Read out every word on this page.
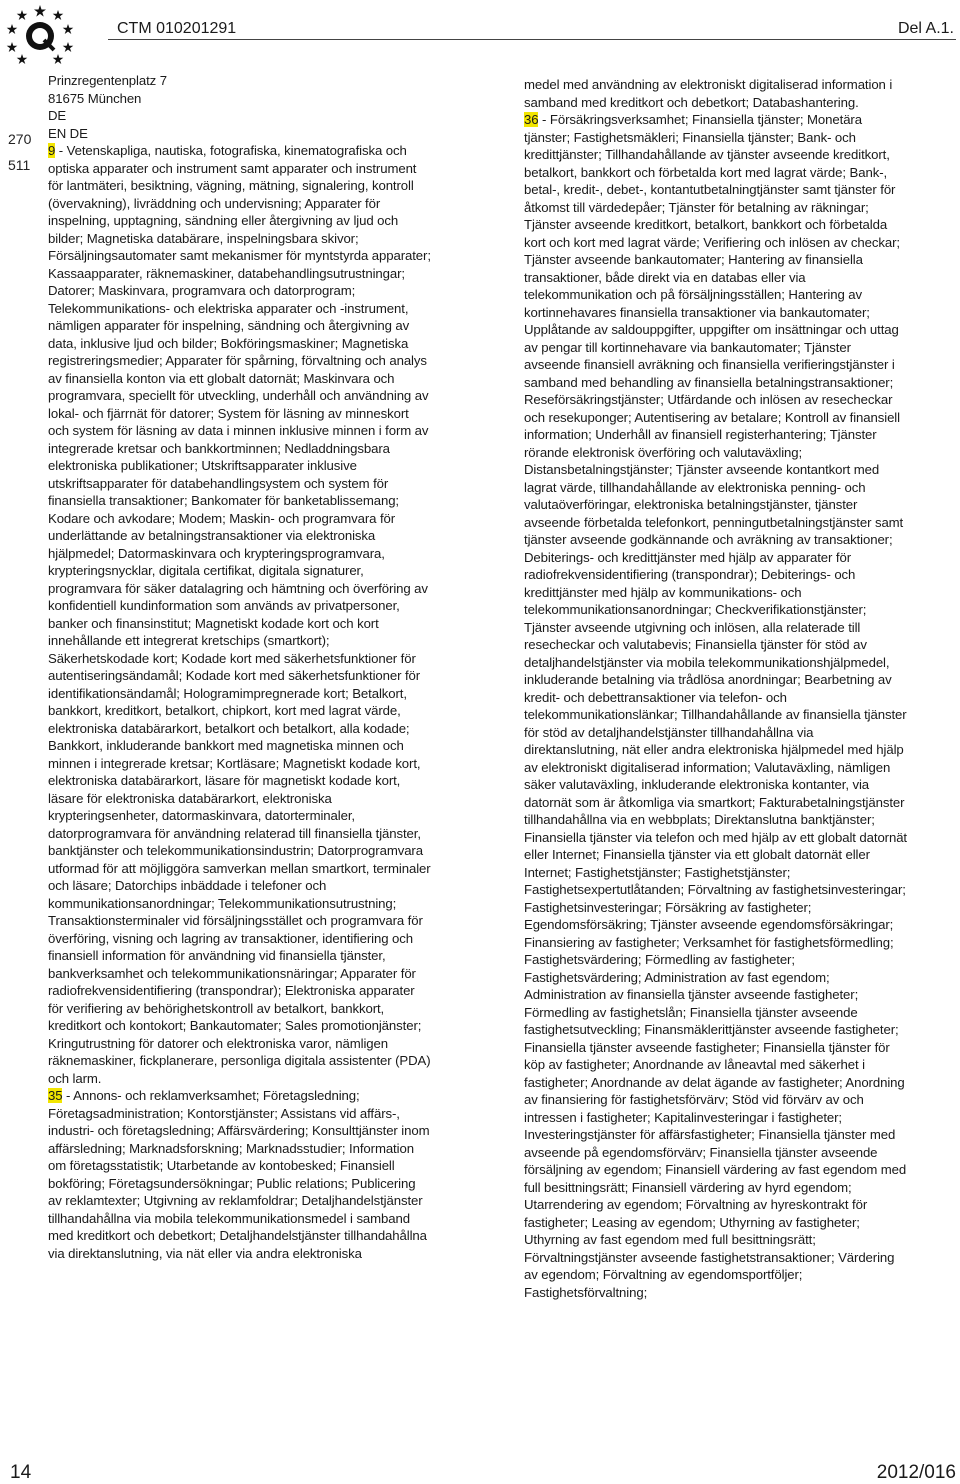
CTM 010201291	Del A.1.
270
511

Prinzregentenplatz 7

81675 München

DE

EN DE

9 - Vetenskapliga, nautiska, fotografiska, kinematografiska och optiska apparater och instrument samt apparater och instrument för lantmäteri, besiktning, vägning, mätning, signalering, kontroll (övervakning), livräddning och undervisning; Apparater för inspelning, upptagning, sändning eller återgivning av ljud och bilder; Magnetiska databärare, inspelningsbara skivor; Försäljningsautomater samt mekanismer för myntstyrda apparater; Kassaapparater, räknemaskiner, databehandlingsutrustningar; Datorer; Maskinvara, programvara och datorprogram; Telekommunikations- och elektriska apparater och -instrument, nämligen apparater för inspelning, sändning och återgivning av data, inklusive ljud och bilder; Bokföringsmaskiner; Magnetiska registreringsmedier; Apparater för spårning, förvaltning och analys av finansiella konton via ett globalt datornät; Maskinvara och programvara, speciellt för utveckling, underhåll och användning av lokal- och fjärrnät för datorer; System för läsning av minneskort och system för läsning av data i minnen inklusive minnen i form av integrerade kretsar och bankkortminnen; Nedladdningsbara elektroniska publikationer; Utskriftsapparater inklusive utskriftsapparater för databehandlingsystem och system för finansiella transaktioner; Bankomater för banketablissemang; Kodare och avkodare; Modem; Maskin- och programvara för underlättande av betalningstransaktioner via elektroniska hjälpmedel; Datormaskinvara och krypteringsprogramvara, krypteringsnycklar, digitala certifikat, digitala signaturer, programvara för säker datalagring och hämtning och överföring av konfidentiell kundinformation som används av privatpersoner, banker och finansinstitut; Magnetiskt kodade kort och kort innehållande ett integrerat kretschips (smartkort); Säkerhetskodade kort; Kodade kort med säkerhetsfunktioner för autentiseringsändamål; Kodade kort med säkerhetsfunktioner för identifikationsändamål; Hologramimpregnerade kort; Betalkort, bankkort, kreditkort, betalkort, chipkort, kort med lagrat värde, elektroniska databärarkort, betalkort och betalkort, alla kodade; Bankkort, inkluderande bankkort med magnetiska minnen och minnen i integrerade kretsar; Kortläsare; Magnetiskt kodade kort, elektroniska databärarkort, läsare för magnetiskt kodade kort, läsare för elektroniska databärarkort, elektroniska krypteringsenheter, datormaskinvara, datorterminaler, datorprogramvara för användning relaterad till finansiella tjänster, banktjänster och telekommunikationsindustrin; Datorprogramvara utformad för att möjliggöra samverkan mellan smartkort, terminaler och läsare; Datorchips inbäddade i telefoner och kommunikationsanordningar; Telekommunikationsutrustning; Transaktionsterminaler vid försäljningsstället och programvara för överföring, visning och lagring av transaktioner, identifiering och finansiell information för användning vid finansiella tjänster, bankverksamhet och telekommunikationsnäringar; Apparater för radiofrekvensidentifiering (transpondrar); Elektroniska apparater för verifiering av behörighetskontroll av betalkort, bankkort, kreditkort och kontokort; Bankautomater; Sales promotionjänster; Kringutrustning för datorer och elektroniska varor, nämligen räknemaskiner, fickplanerare, personliga digitala assistenter (PDA) och larm.

35 - Annons- och reklamverksamhet; Företagsledning; Företagsadministration; Kontorstjänster; Assistans vid affärs-, industri- och företagsledning; Affärsvärdering; Konsulttjänster inom affärsledning; Marknadsforskning; Marknadsstudier; Information om företagsstatistik; Utarbetande av kontobesked; Finansiell bokföring; Företagsundersökningar; Public relations; Publicering av reklamtexter; Utgivning av reklamfoldrar; Detaljhandelstjänster tillhandahållna via mobila telekommunikationsmedel i samband med kreditkort och debetkort; Detaljhandelstjänster tillhandahållna via direktanslutning, via nät eller via andra elektroniska

medel med användning av elektroniskt digitaliserad information i samband med kreditkort och debetkort; Databashantering.

36 - Försäkringsverksamhet; Finansiella tjänster; Monetära tjänster; Fastighetsmäkleri; Finansiella tjänster; Bank- och kredittjänster; Tillhandahållande av tjänster avseende kreditkort, betalkort, bankkort och förbetalda kort med lagrat värde; Bank-, betal-, kredit-, debet-, kontantutbetalningtjänster samt tjänster för åtkomst till värdedepåer; Tjänster för betalning av räkningar; Tjänster avseende kreditkort, betalkort, bankkort och förbetalda kort och kort med lagrat värde; Verifiering och inlösen av checkar; Tjänster avseende bankautomater; Hantering av finansiella transaktioner, både direkt via en databas eller via telekommunikation och på försäljningsställen; Hantering av kortinnehavares finansiella transaktioner via bankautomater; Upplåtande av saldouppgifter, uppgifter om insättningar och uttag av pengar till kortinnehavare via bankautomater; Tjänster avseende finansiell avräkning och finansiella verifieringstjänster i samband med behandling av finansiella betalningstransaktioner; Reseförsäkringstjänster; Utfärdande och inlösen av resecheckar och resekuponger; Autentisering av betalare; Kontroll av finansiell information; Underhåll av finansiell registerhantering; Tjänster rörande elektronisk överföring och valutaväxling; Distansbetalningstjänster; Tjänster avseende kontantkort med lagrat värde, tillhandahållande av elektroniska penning- och valutaöverföringar, elektroniska betalningstjänster, tjänster avseende förbetalda telefonkort, penningutbetalningstjänster samt tjänster avseende godkännande och avräkning av transaktioner; Debiterings- och kredittjänster med hjälp av apparater för radiofrekvensidentifiering (transpondrar); Debiterings- och kredittjänster med hjälp av kommunikations- och telekommunikationsanordningar; Checkverifikationstjänster; Tjänster avseende utgivning och inlösen, alla relaterade till resecheckar och valutabevis; Finansiella tjänster för stöd av detaljhandelstjänster via mobila telekommunikationshjälpmedel, inkluderande betalning via trådlösa anordningar; Bearbetning av kredit- och debettransaktioner via telefon- och telekommunikationslänkar; Tillhandahållande av finansiella tjänster för stöd av detaljhandelstjänster tillhandahållna via direktanslutning, nät eller andra elektroniska hjälpmedel med hjälp av elektroniskt digitaliserad information; Valutaväxling, nämligen säker valutaväxling, inkluderande elektroniska kontanter, via datornät som är åtkomliga via smartkort; Fakturabetalningstjänster tillhandahållna via en webbplats; Direktanslutna banktjänster; Finansiella tjänster via telefon och med hjälp av ett globalt datornät eller Internet; Finansiella tjänster via ett globalt datornät eller Internet; Fastighetstjänster; Fastighetstjänster; Fastighetsexpertutlåtanden; Förvaltning av fastighetsinvesteringar; Fastighetsinvesteringar; Försäkring av fastigheter; Egendomsförsäkring; Tjänster avseende egendomsförsäkringar; Finansiering av fastigheter; Verksamhet för fastighetsförmedling; Fastighetsvärdering; Förmedling av fastigheter; Fastighetsvärdering; Administration av fast egendom; Administration av finansiella tjänster avseende fastigheter; Förmedling av fastighetslån; Finansiella tjänster avseende fastighetsutveckling; Finansmäklerittjänster avseende fastigheter; Finansiella tjänster avseende fastigheter; Finansiella tjänster för köp av fastigheter; Anordnande av låneavtal med säkerhet i fastigheter; Anordnande av delat ägande av fastigheter; Anordning av finansiering för fastighetsförvärv; Stöd vid förvärv av och intressen i fastigheter; Kapitalinvesteringar i fastigheter; Investeringstjänster för affärsfastigheter; Finansiella tjänster med avseende på egendomsförvärv; Finansiella tjänster avseende försäljning av egendom; Finansiell värdering av fast egendom med full besittningsrätt; Finansiell värdering av hyrd egendom; Utarrendering av egendom; Förvaltning av hyreskontrakt för fastigheter; Leasing av egendom; Uthyrning av fastigheter; Uthyrning av fast egendom med full besittningsrätt; Förvaltningstjänster avseende fastighetstransaktioner; Värdering av egendom; Förvaltning av egendomsportföljer; Fastighetsförvaltning;

14	2012/016
